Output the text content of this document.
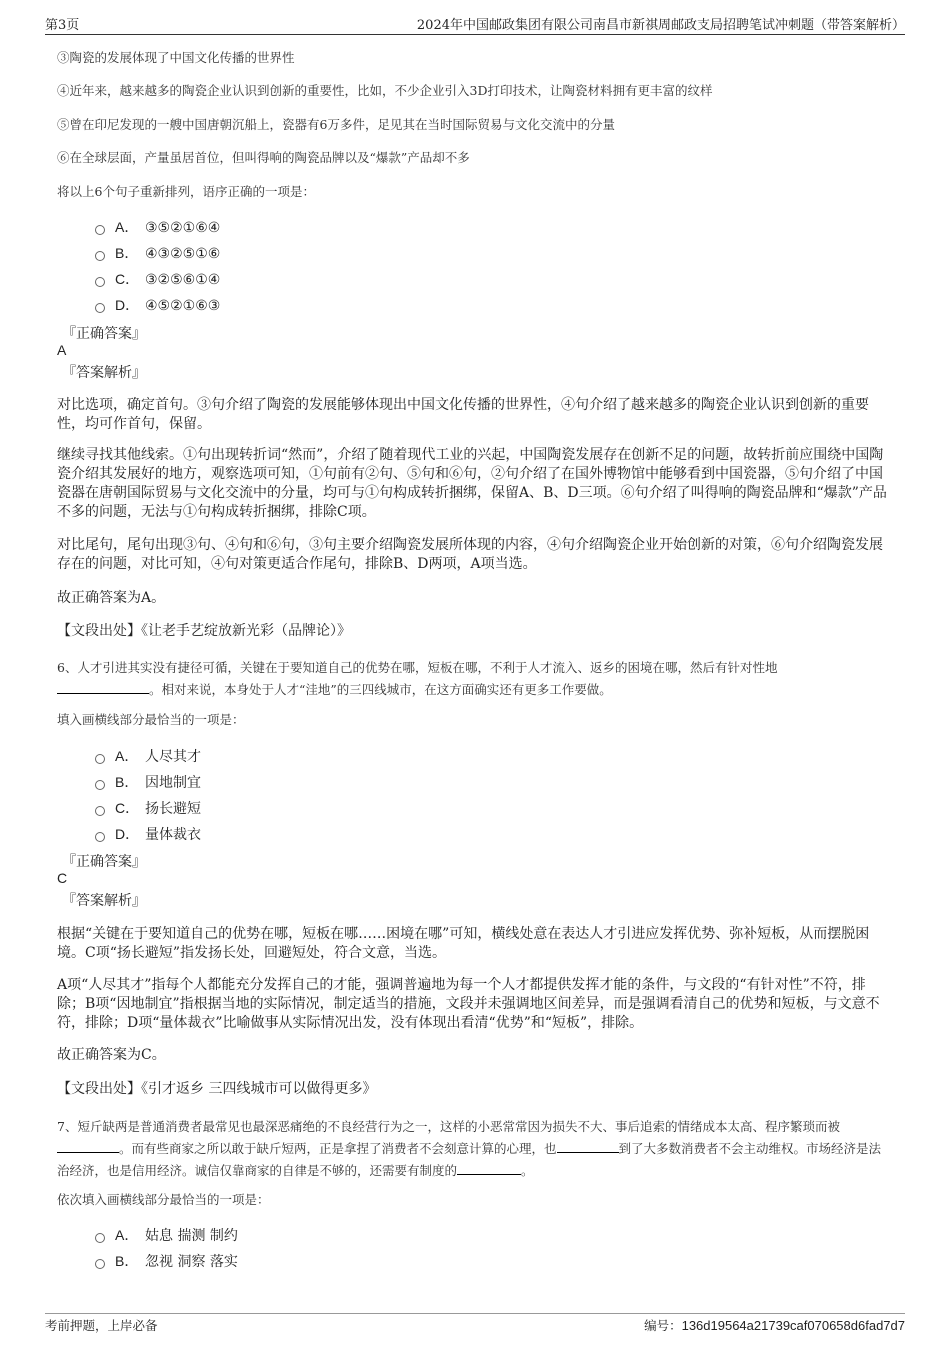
第3页	2024年中国邮政集团有限公司南昌市新祺周邮政支局招聘笔试冲刺题（带答案解析）
③陶瓷的发展体现了中国文化传播的世界性
④近年来，越来越多的陶瓷企业认识到创新的重要性，比如，不少企业引入3D打印技术，让陶瓷材料拥有更丰富的纹样
⑤曾在印尼发现的一艘中国唐朝沉船上，瓷器有6万多件，足见其在当时国际贸易与文化交流中的分量
⑥在全球层面，产量虽居首位，但叫得响的陶瓷品牌以及“爆款”产品却不多
将以上6个句子重新排列，语序正确的一项是：
A． ③⑤②①⑥④
B． ④③②⑤①⑥
C． ③②⑤⑥①④
D． ④⑤②①⑥③
『正确答案』
A
『答案解析』
对比选项，确定首句。③句介绍了陶瓷的发展能够体现出中国文化传播的世界性，④句介绍了越来越多的陶瓷企业认识到创新的重要性，均可作首句，保留。
继续寻找其他线索。①句出现转折词“然而”，介绍了随着现代工业的兴起，中国陶瓷发展存在创新不足的问题，故转折前应围绕中国陶瓷介绍其发展好的地方，观察选项可知，①句前有②句、⑤句和⑥句，②句介绍了在国外博物馆中能够看到中国瓷器，⑤句介绍了中国瓷器在唐朝国际贸易与文化交流中的分量，均可与①句构成转折捆绑，保留A、B、D三项。⑥句介绍了叫得响的陶瓷品牌和“爆款”产品不多的问题，无法与①句构成转折捆绑，排除C项。
对比尾句，尾句出现③句、④句和⑥句，③句主要介绍陶瓷发展所体现的内容，④句介绍陶瓷企业开始创新的对策，⑥句介绍陶瓷发展存在的问题，对比可知，④句对策更适合作尾句，排除B、D两项，A项当选。
故正确答案为A。
【文段出处】《让老手艺绽放新光彩（品牌论）》
6、人才引进其实没有捷径可循，关键在于要知道自己的优势在哪，短板在哪，不利于人才流入、返乡的困境在哪，然后有针对性地
。相对来说，本身处于人才“洼地”的三四线城市，在这方面确实还有更多工作要做。
填入画横线部分最恰当的一项是：
A． 人尽其才
B． 因地制宜
C． 扬长避短
D． 量体裁衣
『正确答案』
C
『答案解析』
根据“关键在于要知道自己的优势在哪，短板在哪……困境在哪”可知，横线处意在表达人才引进应发挥优势、弥补短板，从而摆脱困境。C项“扬长避短”指发扬长处，回避短处，符合文意，当选。
A项“人尽其才”指每个人都能充分发挥自己的才能，强调普遍地为每一个人才都提供发挥才能的条件，与文段的“有针对性”不符，排除；B项“因地制宜”指根据当地的实际情况，制定适当的措施，文段并未强调地区间差异，而是强调看清自己的优势和短板，与文意不符，排除；D项“量体裁衣”比喻做事从实际情况出发，没有体现出看清“优势”和“短板”，排除。
故正确答案为C。
【文段出处】《引才返乡 三四线城市可以做得更多》
7、短斤缺两是普通消费者最常见也最深恶痛绝的不良经营行为之一，这样的小恶常常因为损失不大、事后追索的情绪成本太高、程序繁琐而被。而有些商家之所以敢于缺斤短两，正是拿捏了消费者不会刻意计算的心理，也	到了大多数消费者不会主动维权。市场经济是法治经济，也是信用经济。诚信仅靠商家的自律是不够的，还需要有制度的	。
依次填入画横线部分最恰当的一项是：
A． 姑息 揣测 制约
B． 忽视 洞察 落实
考前押题，上岸必备	编号：136d19564a21739caf070658d6fad7d7
